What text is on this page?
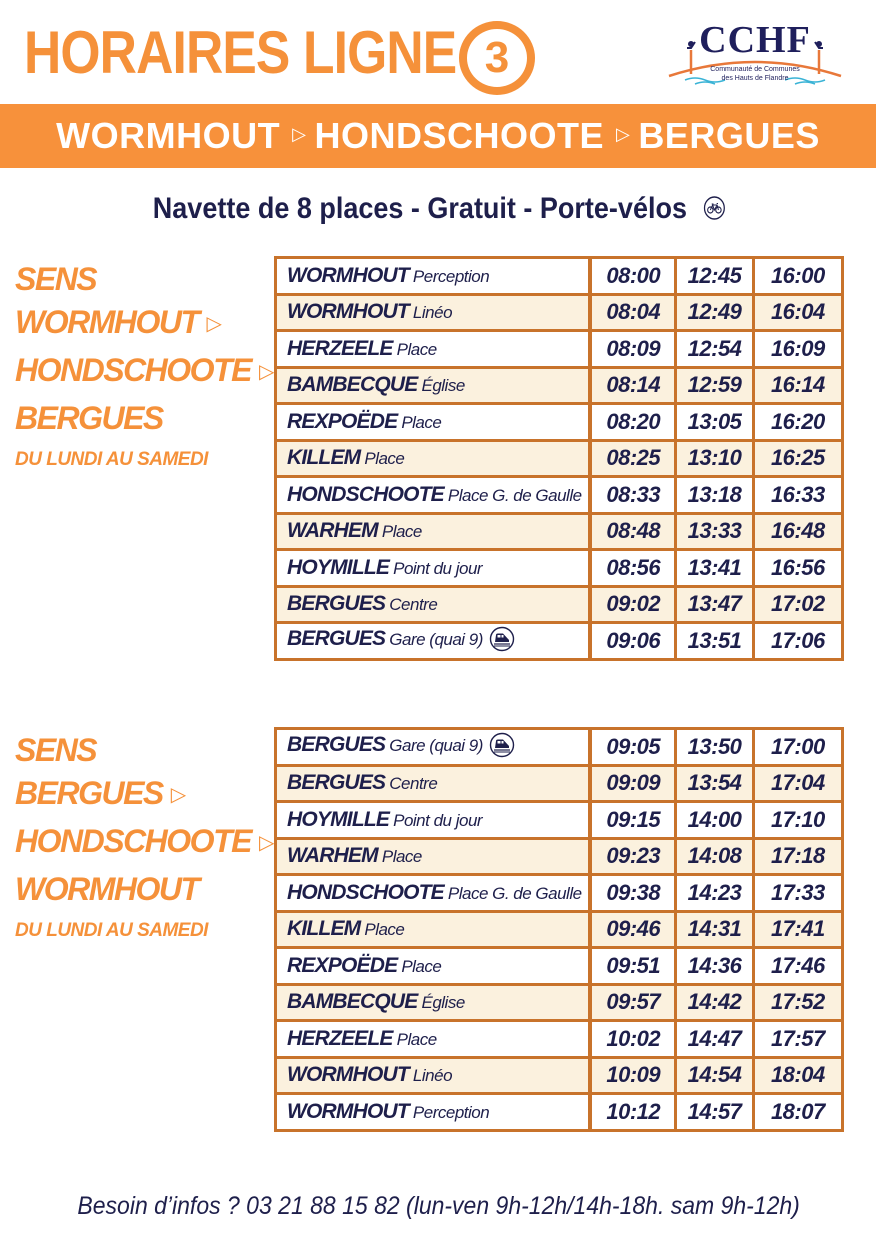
HORAIRES LIGNE 3	CCHF
Communauté de Communes
des Hauts de Flandre
WORMHOUT ▷ HONDSCHOOTE ▷ BERGUES
Navette de 8 places - Gratuit - Porte-vélos
SENS
WORMHOUT ▷
HONDSCHOOTE ▷
BERGUES
DU LUNDI AU SAMEDI
WORMHOUT Perception	08:00	12:45	16:00
WORMHOUT Linéo	08:04	12:49	16:04
HERZEELE Place	08:09	12:54	16:09
BAMBECQUE Église	08:14	12:59	16:14
REXPOËDE Place	08:20	13:05	16:20
KILLEM Place	08:25	13:10	16:25
HONDSCHOOTE Place G. de Gaulle	08:33	13:18	16:33
WARHEM Place	08:48	13:33	16:48
HOYMILLE Point du jour	08:56	13:41	16:56
BERGUES Centre	09:02	13:47	17:02
BERGUES Gare (quai 9)	09:06	13:51	17:06
SENS
BERGUES ▷
HONDSCHOOTE ▷
WORMHOUT
DU LUNDI AU SAMEDI
BERGUES Gare (quai 9)	09:05	13:50	17:00
BERGUES Centre	09:09	13:54	17:04
HOYMILLE Point du jour	09:15	14:00	17:10
WARHEM Place	09:23	14:08	17:18
HONDSCHOOTE Place G. de Gaulle	09:38	14:23	17:33
KILLEM Place	09:46	14:31	17:41
REXPOËDE Place	09:51	14:36	17:46
BAMBECQUE Église	09:57	14:42	17:52
HERZEELE Place	10:02	14:47	17:57
WORMHOUT Linéo	10:09	14:54	18:04
WORMHOUT Perception	10:12	14:57	18:07
Besoin d’infos ? 03 21 88 15 82 (lun-ven 9h-12h/14h-18h. sam 9h-12h)
